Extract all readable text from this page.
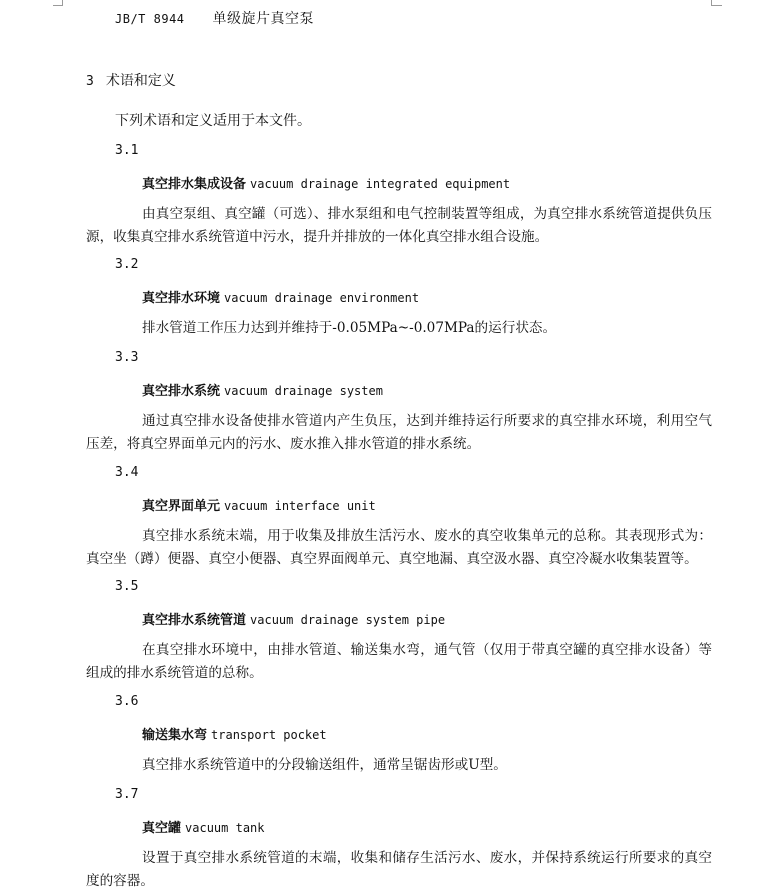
JB/T 8944 单级旋片真空泵
3 术语和定义
下列术语和定义适用于本文件。
3.1
真空排水集成设备 vacuum drainage integrated equipment
由真空泵组、真空罐（可选）、排水泵组和电气控制装置等组成，为真空排水系统管道提供负压源，收集真空排水系统管道中污水，提升并排放的一体化真空排水组合设施。
3.2
真空排水环境 vacuum drainage environment
排水管道工作压力达到并维持于-0.05MPa~-0.07MPa的运行状态。
3.3
真空排水系统 vacuum drainage system
通过真空排水设备使排水管道内产生负压，达到并维持运行所要求的真空排水环境，利用空气压差，将真空界面单元内的污水、废水推入排水管道的排水系统。
3.4
真空界面单元 vacuum interface unit
真空排水系统末端，用于收集及排放生活污水、废水的真空收集单元的总称。其表现形式为：真空坐（蹲）便器、真空小便器、真空界面阀单元、真空地漏、真空汲水器、真空冷凝水收集装置等。
3.5
真空排水系统管道 vacuum drainage system pipe
在真空排水环境中，由排水管道、输送集水弯，通气管（仅用于带真空罐的真空排水设备）等组成的排水系统管道的总称。
3.6
输送集水弯 transport pocket
真空排水系统管道中的分段输送组件，通常呈锯齿形或U型。
3.7
真空罐 vacuum tank
设置于真空排水系统管道的末端，收集和储存生活污水、废水，并保持系统运行所要求的真空度的容器。
